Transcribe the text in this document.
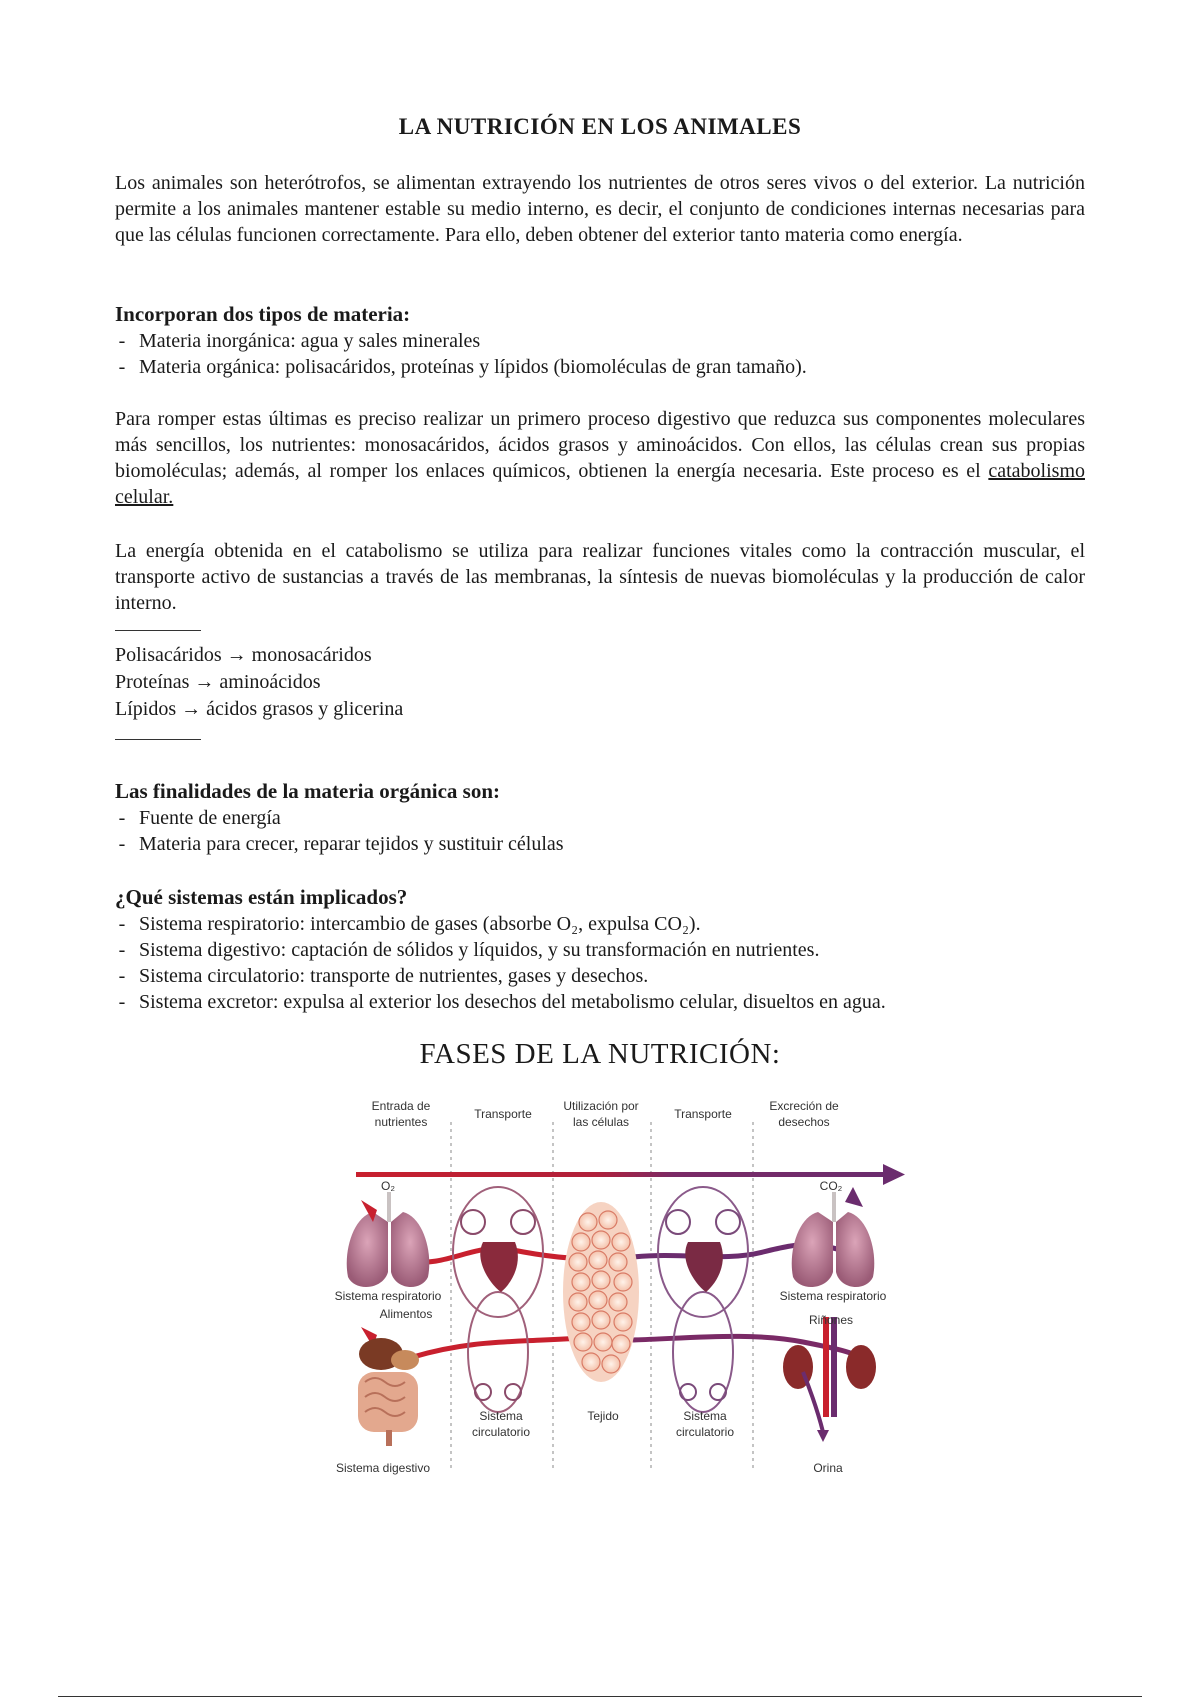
LA NUTRICIÓN EN LOS ANIMALES

Los animales son heterótrofos, se alimentan extrayendo los nutrientes de otros seres vivos o del exterior. La nutrición permite a los animales mantener estable su medio interno, es decir, el conjunto de condiciones internas necesarias para que las células funcionen correctamente. Para ello, deben obtener del exterior tanto materia como energía.

Incorporan dos tipos de materia:

- Materia inorgánica: agua y sales minerales
- Materia orgánica: polisacáridos, proteínas y lípidos (biomoléculas de gran tamaño).

Para romper estas últimas es preciso realizar un primero proceso digestivo que reduzca sus componentes moleculares más sencillos, los nutrientes: monosacáridos, ácidos grasos y aminoácidos. Con ellos, las células crean sus propias biomoléculas; además, al romper los enlaces químicos, obtienen la energía necesaria. Este proceso es el catabolismo celular.

La energía obtenida en el catabolismo se utiliza para realizar funciones vitales como la contracción muscular, el transporte activo de sustancias a través de las membranas, la síntesis de nuevas biomoléculas y la producción de calor interno.

Polisacáridos → monosacáridos
Proteínas → aminoácidos
Lípidos → ácidos grasos y glicerina

Las finalidades de la materia orgánica son:

- Fuente de energía
- Materia para crecer, reparar tejidos y sustituir células

¿Qué sistemas están implicados?

- Sistema respiratorio: intercambio de gases (absorbe O₂, expulsa CO₂).
- Sistema digestivo: captación de sólidos y líquidos, y su transformación en nutrientes.
- Sistema circulatorio: transporte de nutrientes, gases y desechos.
- Sistema excretor: expulsa al exterior los desechos del metabolismo celular, disueltos en agua.
FASES DE LA NUTRICIÓN:
Entrada de
nutrientes
Transporte
Utilización por
las células
Transporte
Excreción de
desechos
O₂	CO₂
Sistema respiratorio	Sistema respiratorio
Alimentos	Riñones
Sistema
circulatorio
Tejido	Sistema
circulatorio
Sistema digestivo	Orina
